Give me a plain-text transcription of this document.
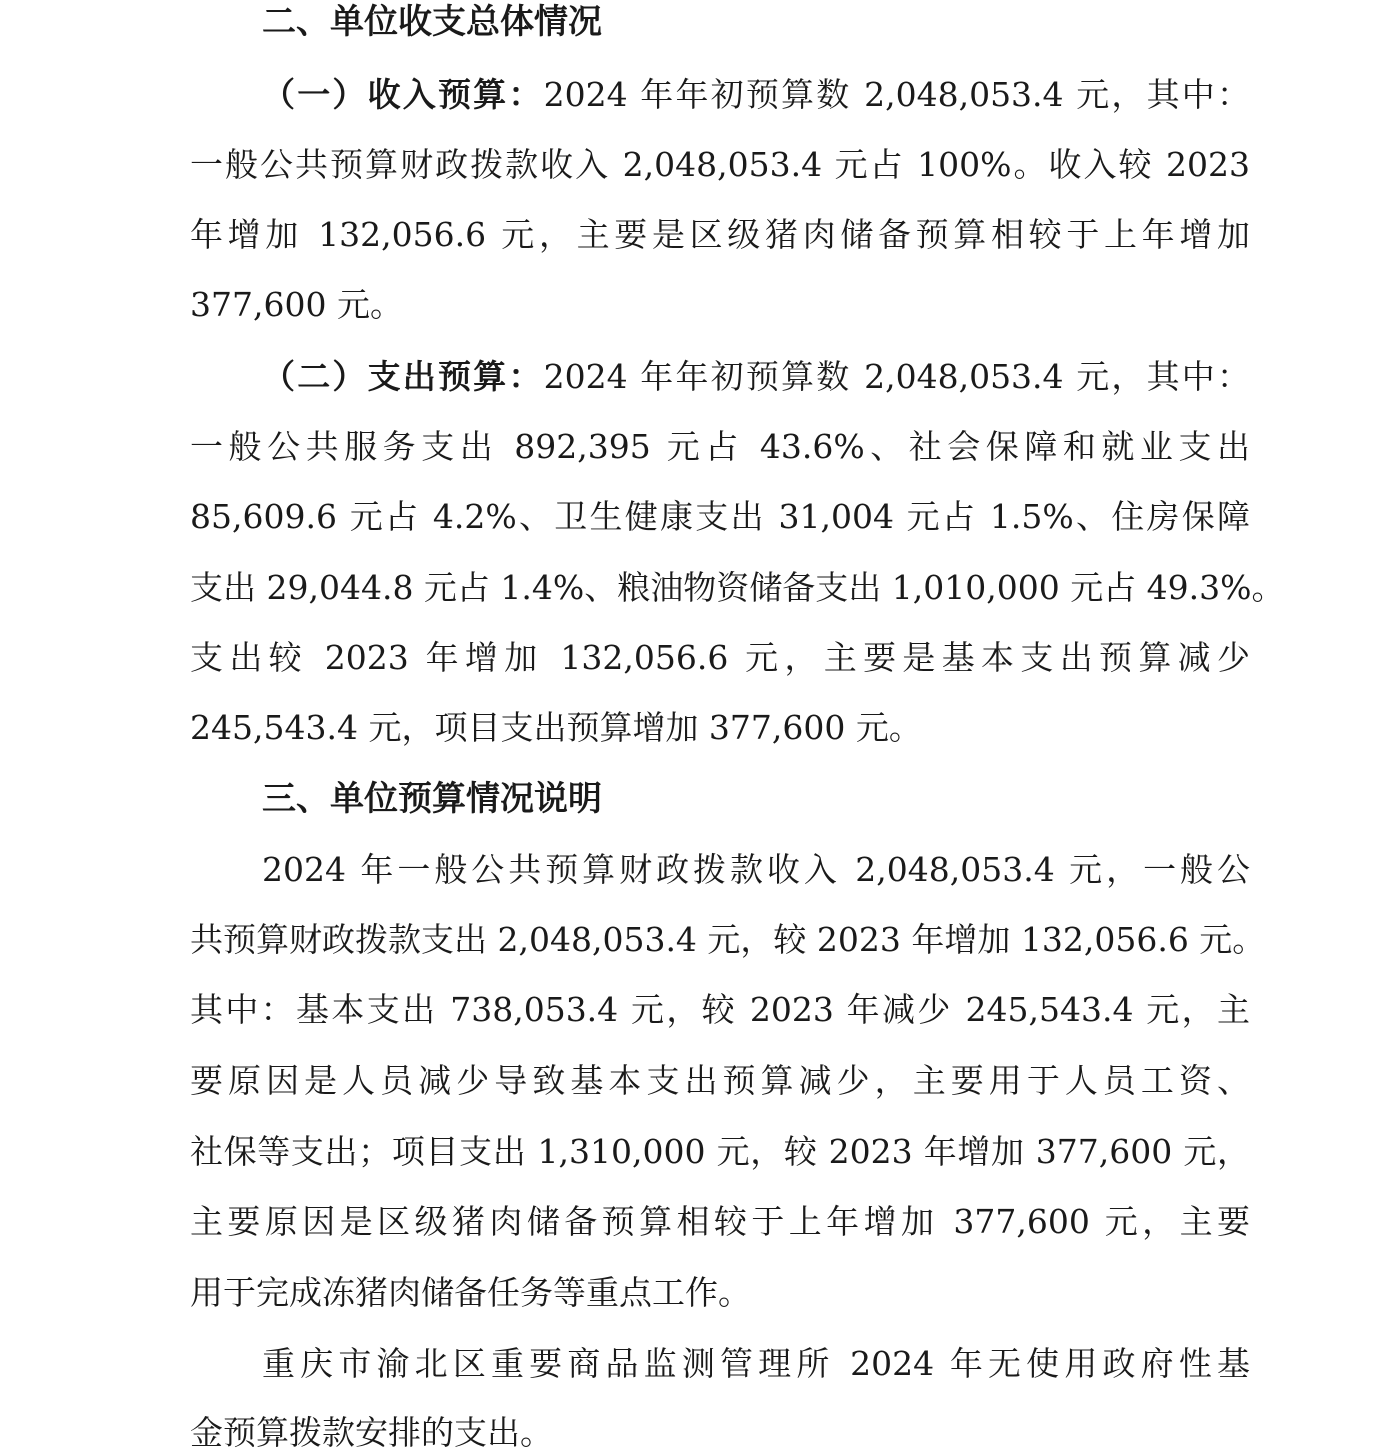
二、单位收支总体情况
（一）收入预算：2024 年年初预算数 2,048,053.4 元，其中：
一般公共预算财政拨款收入 2,048,053.4 元占 100%。收入较 2023
年增加 132,056.6 元，主要是区级猪肉储备预算相较于上年增加
377,600 元。
（二）支出预算：2024 年年初预算数 2,048,053.4 元，其中：
一般公共服务支出 892,395 元占 43.6%、社会保障和就业支出
85,609.6 元占 4.2%、卫生健康支出 31,004 元占 1.5%、住房保障
支出 29,044.8 元占 1.4%、粮油物资储备支出 1,010,000 元占 49.3%。
支出较 2023 年增加 132,056.6 元，主要是基本支出预算减少
245,543.4 元，项目支出预算增加 377,600 元。
三、单位预算情况说明
2024 年一般公共预算财政拨款收入 2,048,053.4 元，一般公
共预算财政拨款支出 2,048,053.4 元，较 2023 年增加 132,056.6 元。
其中：基本支出 738,053.4 元，较 2023 年减少 245,543.4 元，主
要原因是人员减少导致基本支出预算减少，主要用于人员工资、
社保等支出；项目支出 1,310,000 元，较 2023 年增加 377,600 元，
主要原因是区级猪肉储备预算相较于上年增加 377,600 元，主要
用于完成冻猪肉储备任务等重点工作。
重庆市渝北区重要商品监测管理所 2024 年无使用政府性基
金预算拨款安排的支出。
